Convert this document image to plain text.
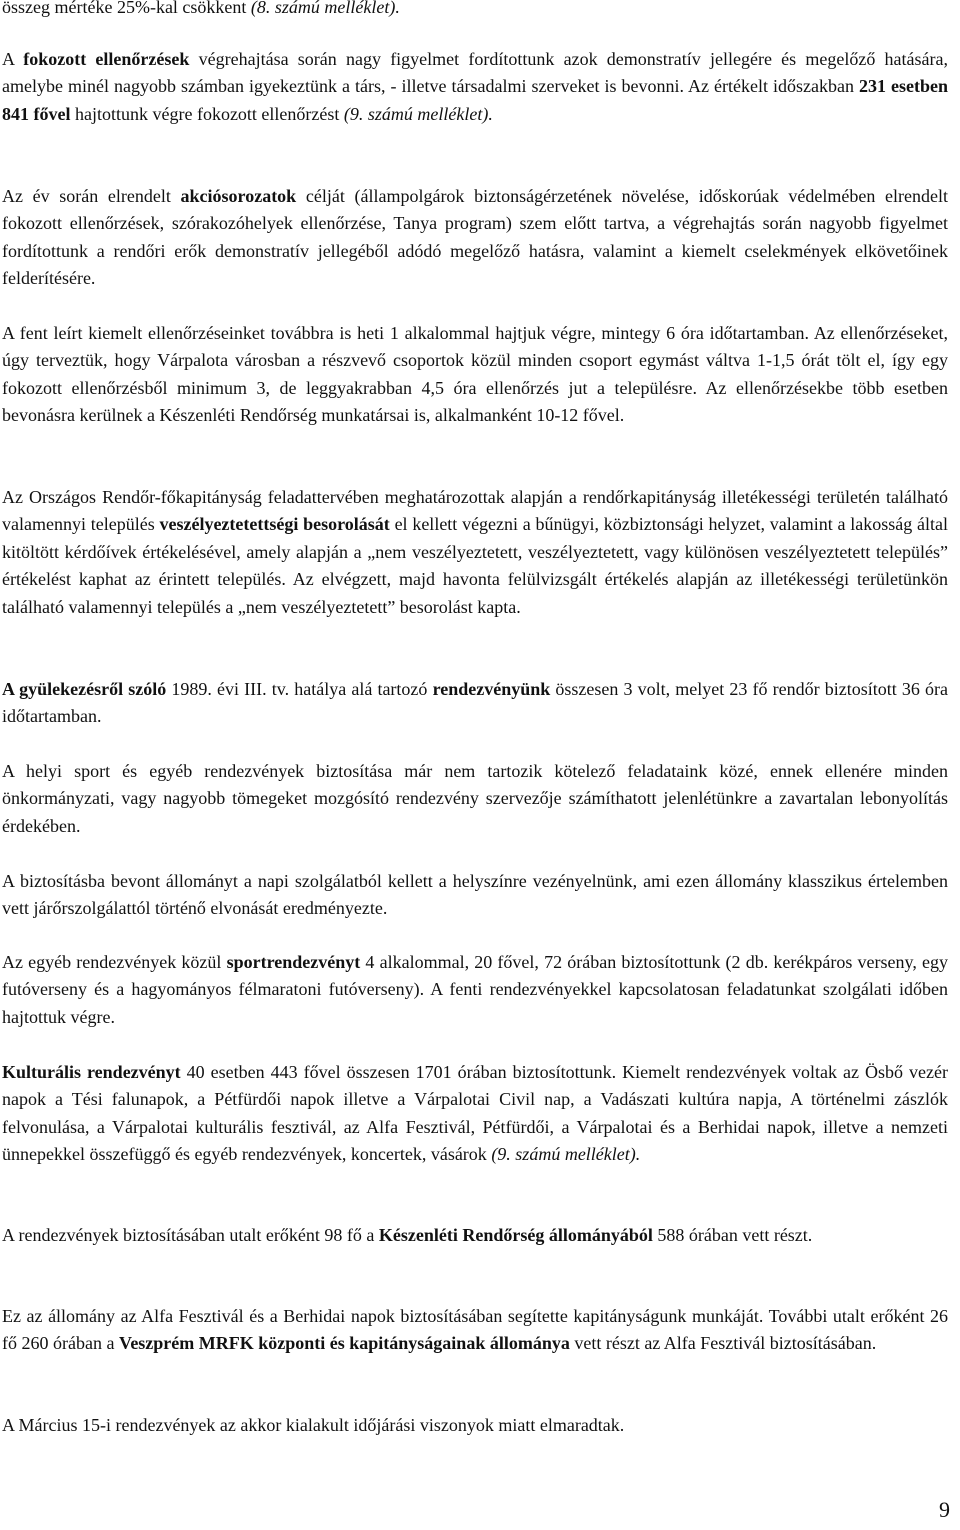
összeg mértéke 25%-kal csökkent (8. számú melléklet).

A fokozott ellenőrzések végrehajtása során nagy figyelmet fordítottunk azok demonstratív jellegére és megelőző hatására, amelybe minél nagyobb számban igyekeztünk a társ, - illetve társadalmi szerveket is bevonni. Az értékelt időszakban 231 esetben 841 fővel hajtottunk végre fokozott ellenőrzést (9. számú melléklet).

Az év során elrendelt akciósorozatok célját (állampolgárok biztonságérzetének növelése, időskorúak védelmében elrendelt fokozott ellenőrzések, szórakozóhelyek ellenőrzése, Tanya program) szem előtt tartva, a végrehajtás során nagyobb figyelmet fordítottunk a rendőri erők demonstratív jellegéből adódó megelőző hatásra, valamint a kiemelt cselekmények elkövetőinek felderítésére.

A fent leírt kiemelt ellenőrzéseinket továbbra is heti 1 alkalommal hajtjuk végre, mintegy 6 óra időtartamban. Az ellenőrzéseket, úgy terveztük, hogy Várpalota városban a részvevő csoportok közül minden csoport egymást váltva 1-1,5 órát tölt el, így egy fokozott ellenőrzésből minimum 3, de leggyakrabban 4,5 óra ellenőrzés jut a településre. Az ellenőrzésekbe több esetben bevonásra kerülnek a Készenléti Rendőrség munkatársai is, alkalmanként 10-12 fővel.

Az Országos Rendőr-főkapitányság feladattervében meghatározottak alapján a rendőrkapitányság illetékességi területén található valamennyi település veszélyeztetettségi besorolását el kellett végezni a bűnügyi, közbiztonsági helyzet, valamint a lakosság által kitöltött kérdőívek értékelésével, amely alapján a „nem veszélyeztetett, veszélyeztetett, vagy különösen veszélyeztetett település” értékelést kaphat az érintett település. Az elvégzett, majd havonta felülvizsgált értékelés alapján az illetékességi területünkön található valamennyi település a „nem veszélyeztetett” besorolást kapta.

A gyülekezésről szóló 1989. évi III. tv. hatálya alá tartozó rendezvényünk összesen 3 volt, melyet 23 fő rendőr biztosított 36 óra időtartamban.

A helyi sport és egyéb rendezvények biztosítása már nem tartozik kötelező feladataink közé, ennek ellenére minden önkormányzati, vagy nagyobb tömegeket mozgósító rendezvény szervezője számíthatott jelenlétünkre a zavartalan lebonyolítás érdekében.

A biztosításba bevont állományt a napi szolgálatból kellett a helyszínre vezényelnünk, ami ezen állomány klasszikus értelemben vett járőrszolgálattól történő elvonását eredményezte.

Az egyéb rendezvények közül sportrendezvényt 4 alkalommal, 20 fővel, 72 órában biztosítottunk (2 db. kerékpáros verseny, egy futóverseny és a hagyományos félmaratoni futóverseny). A fenti rendezvényekkel kapcsolatosan feladatunkat szolgálati időben hajtottuk végre.

Kulturális rendezvényt 40 esetben 443 fővel összesen 1701 órában biztosítottunk. Kiemelt rendezvények voltak az Ösbő vezér napok a Tési falunapok, a Pétfürdői napok illetve a Várpalotai Civil nap, a Vadászati kultúra napja, A történelmi zászlók felvonulása, a Várpalotai kulturális fesztivál, az Alfa Fesztivál, Pétfürdői, a Várpalotai és a Berhidai napok, illetve a nemzeti ünnepekkel összefüggő és egyéb rendezvények, koncertek, vásárok (9. számú melléklet).

A rendezvények biztosításában utalt erőként 98 fő a Készenléti Rendőrség állományából 588 órában vett részt.

Ez az állomány az Alfa Fesztivál és a Berhidai napok biztosításában segítette kapitányságunk munkáját. További utalt erőként 26 fő 260 órában a Veszprém MRFK központi és kapitányságainak állománya vett részt az Alfa Fesztivál biztosításában.

A Március 15-i rendezvények az akkor kialakult időjárási viszonyok miatt elmaradtak.

9
